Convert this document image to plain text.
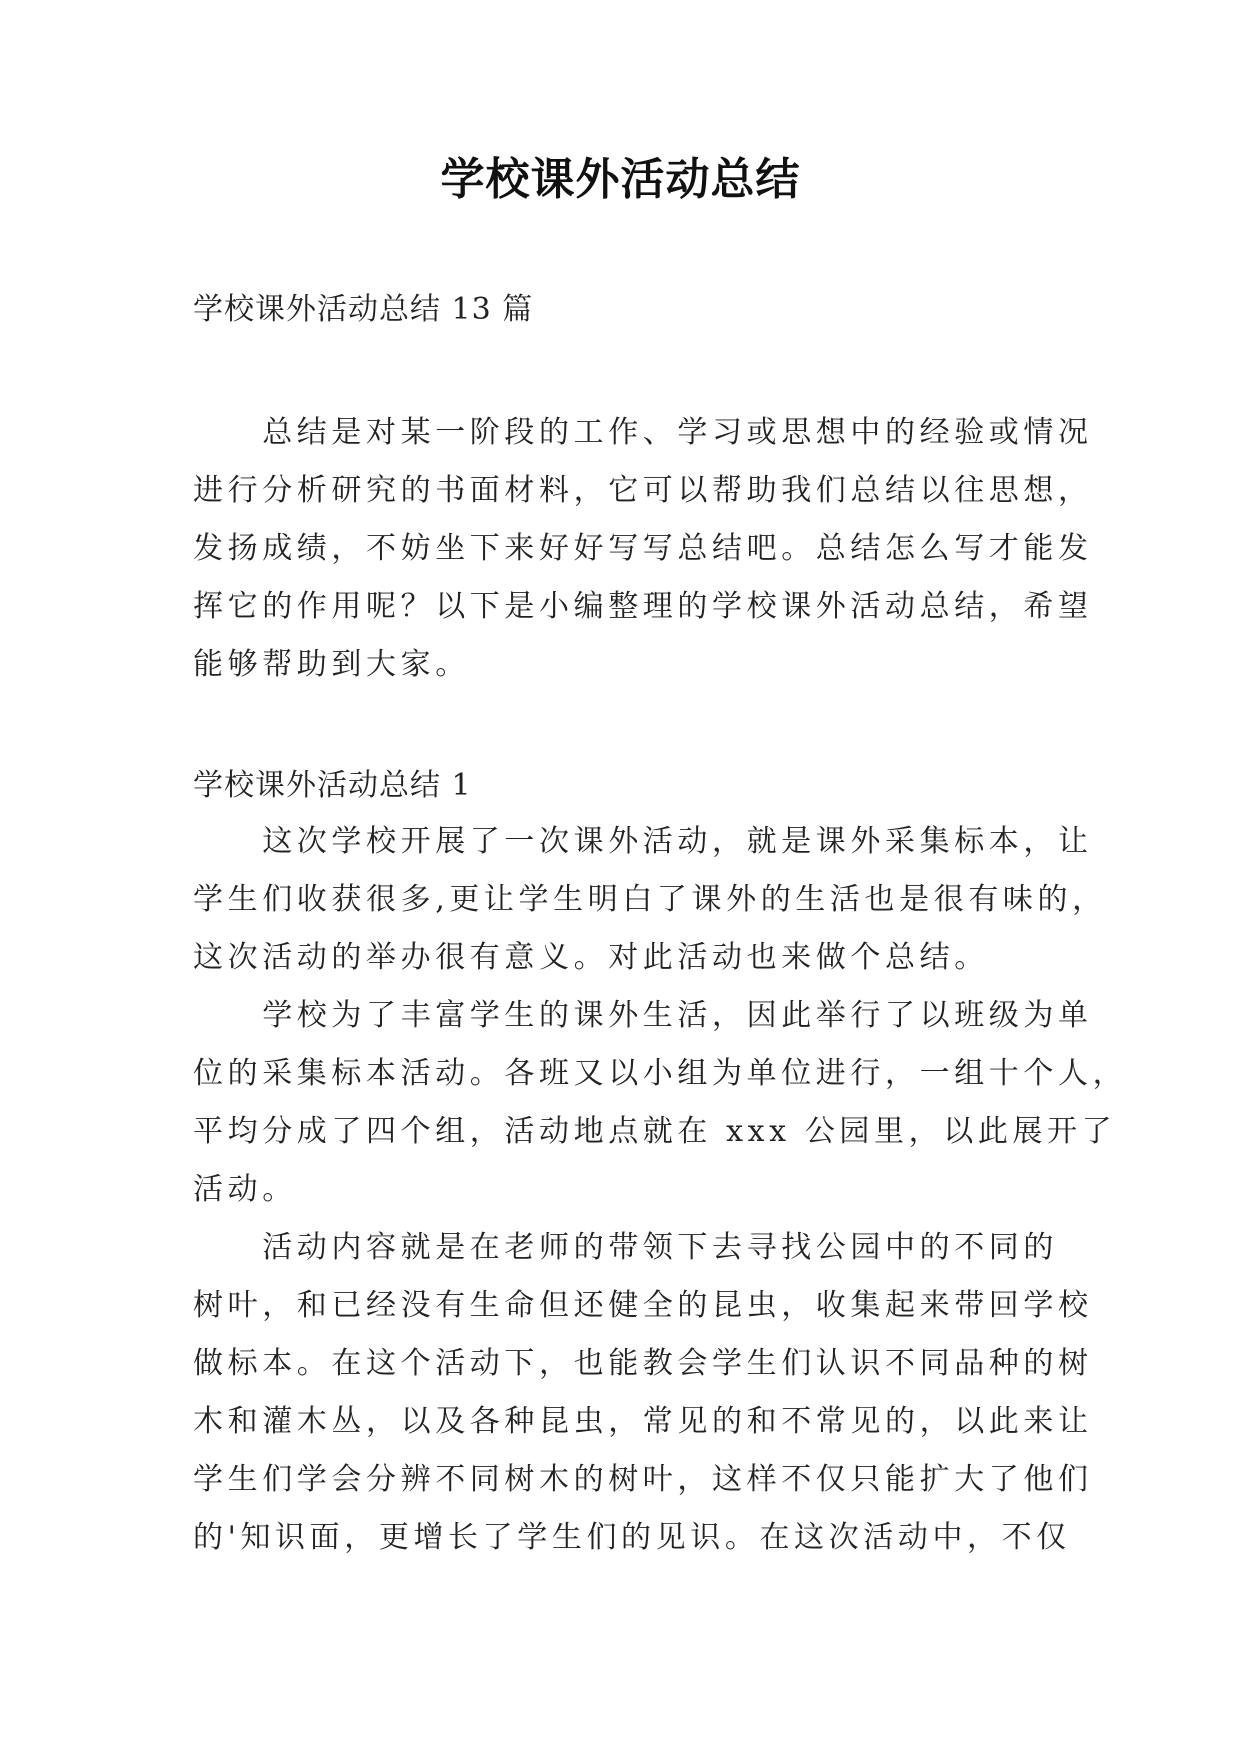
学校课外活动总结
学校课外活动总结 13 篇
　　总结是对某一阶段的工作、学习或思想中的经验或情况
进行分析研究的书面材料，它可以帮助我们总结以往思想，
发扬成绩，不妨坐下来好好写写总结吧。总结怎么写才能发
挥它的作用呢？以下是小编整理的学校课外活动总结，希望
能够帮助到大家。
学校课外活动总结 1
　　这次学校开展了一次课外活动，就是课外采集标本，让
学生们收获很多,更让学生明白了课外的生活也是很有味的，
这次活动的举办很有意义。对此活动也来做个总结。
　　学校为了丰富学生的课外生活，因此举行了以班级为单
位的采集标本活动。各班又以小组为单位进行，一组十个人，
平均分成了四个组，活动地点就在 xxx 公园里，以此展开了
活动。
　　活动内容就是在老师的带领下去寻找公园中的不同的
树叶，和已经没有生命但还健全的昆虫，收集起来带回学校
做标本。在这个活动下，也能教会学生们认识不同品种的树
木和灌木丛，以及各种昆虫，常见的和不常见的，以此来让
学生们学会分辨不同树木的树叶，这样不仅只能扩大了他们
的'知识面，更增长了学生们的见识。在这次活动中，不仅
